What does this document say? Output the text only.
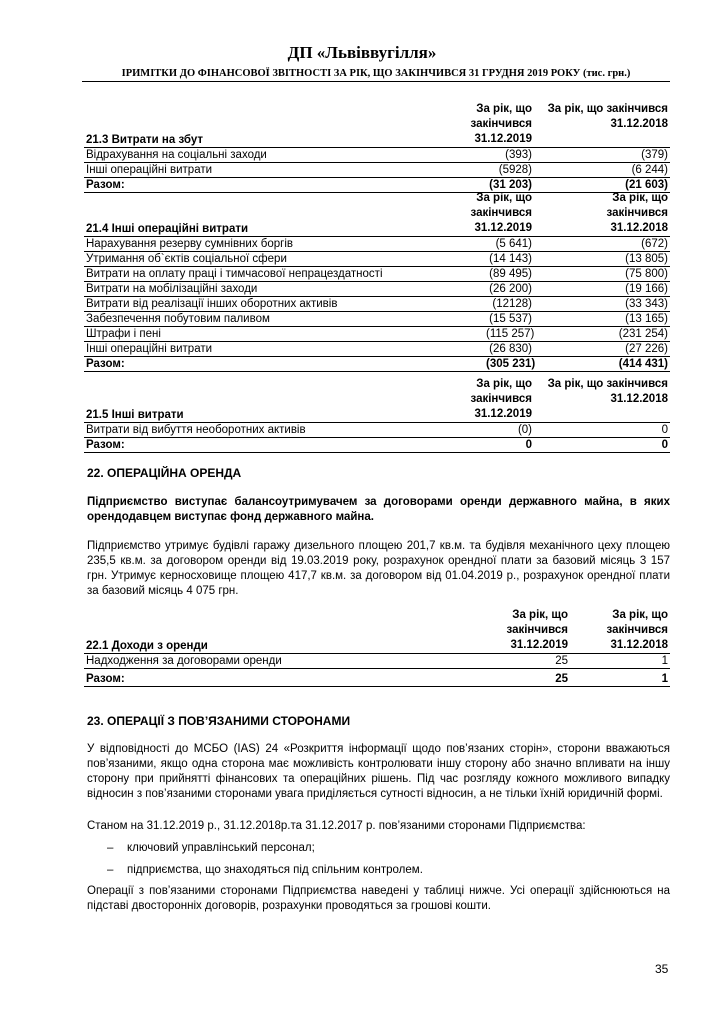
ДП «Львіввугілля»
ІРИМІТКИ ДО ФІНАНСОВОЇ ЗВІТНОСТІ ЗА РІК, ЩО ЗАКІНЧИВСЯ 31 ГРУДНЯ 2019 РОКУ (тис. грн.)
21.3 Витрати на збут	За рік, що закінчився 31.12.2019	За рік, що закінчився 31.12.2018
Відрахування на соціальні заходи	(393)	(379)
Інші операційні витрати	(5928)	(6 244)
Разом:	(31 203)	(21 603)
21.4 Інші операційні витрати	За рік, що закінчився 31.12.2019	За рік, що закінчився 31.12.2018

Нарахування резерву сумнівних боргів	(5 641)	(672)
Утримання об`єктів соціальної сфери	(14 143)	(13 805)
Витрати на оплату праці і тимчасової непрацездатності	(89 495)	(75 800)
Витрати на мобілізаційні заходи	(26 200)	(19 166)
Витрати від реалізації інших оборотних активів	(12128)	(33 343)
Забезпечення побутовим паливом	(15 537)	(13 165)
Штрафи і пені	(115 257)	(231 254)
Інші операційні витрати	(26 830)	(27 226)
Разом:	(305 231)	(414 431)
21.5 Інші витрати	За рік, що закінчився 31.12.2019	За рік, що закінчився 31.12.2018
Витрати від вибуття необоротних активів	(0)	0
Разом:	0	0
22. ОПЕРАЦІЙНА ОРЕНДА
Підприємство виступає балансоутримувачем за договорами оренди державного майна, в яких орендодавцем виступає фонд державного майна.
Підприємство утримує будівлі гаражу дизельного площею 201,7 кв.м. та будівля механічного цеху площею 235,5 кв.м. за договором оренди від 19.03.2019 року, розрахунок орендної плати за базовий місяць 3 157 грн. Утримує керносховище площею 417,7 кв.м. за договором від 01.04.2019 р., розрахунок орендної плати за базовий місяць 4 075 грн.
22.1 Доходи з оренди	За рік, що закінчився 31.12.2019	За рік, що закінчився 31.12.2018
Надходження за договорами оренди	25	1
Разом:	25	1
23. ОПЕРАЦІЇ З ПОВ’ЯЗАНИМИ СТОРОНАМИ
У відповідності до МСБО (IAS) 24 «Розкриття інформації щодо пов’язаних сторін», сторони вважаються пов’язаними, якщо одна сторона має можливість контролювати іншу сторону або значно впливати на іншу сторону при прийнятті фінансових та операційних рішень. Під час розгляду кожного можливого випадку відносин з пов’язаними сторонами увага приділяється сутності відносин, а не тільки їхній юридичній формі.
Станом на 31.12.2019 р., 31.12.2018р.та 31.12.2017 р. пов’язаними сторонами Підприємства:
– ключовий управлінський персонал;
– підприємства, що знаходяться під спільним контролем.
Операції з пов’язаними сторонами Підприємства наведені у таблиці нижче. Усі операції здійснюються на підставі двосторонніх договорів, розрахунки проводяться за грошові кошти.
35
